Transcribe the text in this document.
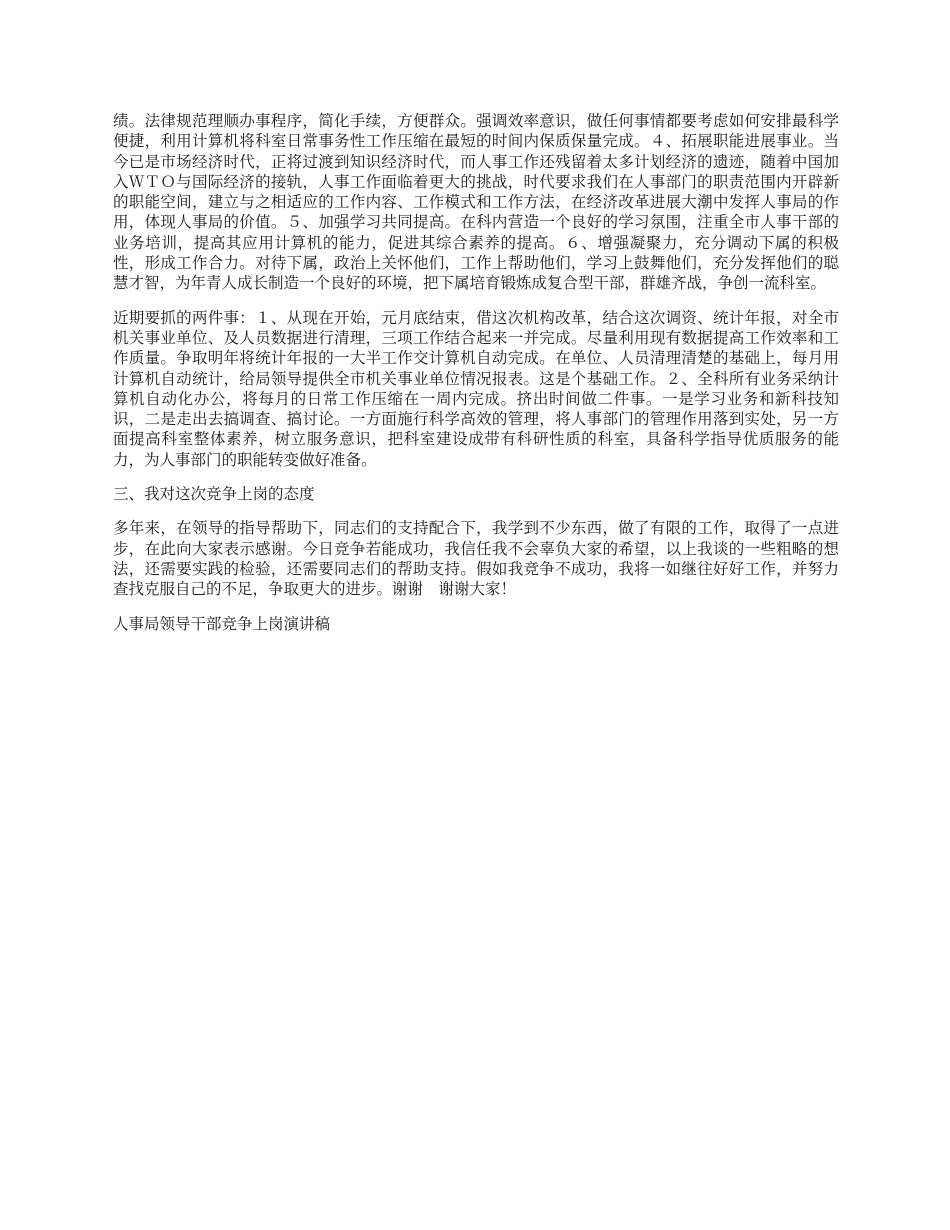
绩。法律规范理顺办事程序，简化手续，方便群众。强调效率意识，做任何事情都要考虑如何安排最科学便捷，利用计算机将科室日常事务性工作压缩在最短的时间内保质保量完成。４、拓展职能进展事业。当今已是市场经济时代，正将过渡到知识经济时代，而人事工作还残留着太多计划经济的遗迹，随着中国加入ＷＴＯ与国际经济的接轨，人事工作面临着更大的挑战，时代要求我们在人事部门的职责范围内开辟新的职能空间，建立与之相适应的工作内容、工作模式和工作方法，在经济改革进展大潮中发挥人事局的作用，体现人事局的价值。５、加强学习共同提高。在科内营造一个良好的学习氛围，注重全市人事干部的业务培训，提高其应用计算机的能力，促进其综合素养的提高。６、增强凝聚力，充分调动下属的积极性，形成工作合力。对待下属，政治上关怀他们，工作上帮助他们，学习上鼓舞他们，充分发挥他们的聪慧才智，为年青人成长制造一个良好的环境，把下属培育锻炼成复合型干部，群雄齐战，争创一流科室。

近期要抓的两件事：１、从现在开始，元月底结束，借这次机构改革，结合这次调资、统计年报，对全市机关事业单位、及人员数据进行清理，三项工作结合起来一并完成。尽量利用现有数据提高工作效率和工作质量。争取明年将统计年报的一大半工作交计算机自动完成。在单位、人员清理清楚的基础上，每月用计算机自动统计，给局领导提供全市机关事业单位情况报表。这是个基础工作。２、全科所有业务采纳计算机自动化办公，将每月的日常工作压缩在一周内完成。挤出时间做二件事。一是学习业务和新科技知识，二是走出去搞调查、搞讨论。一方面施行科学高效的管理，将人事部门的管理作用落到实处，另一方面提高科室整体素养，树立服务意识，把科室建设成带有科研性质的科室，具备科学指导优质服务的能力，为人事部门的职能转变做好准备。

三、我对这次竞争上岗的态度

多年来，在领导的指导帮助下，同志们的支持配合下，我学到不少东西，做了有限的工作，取得了一点进步，在此向大家表示感谢。今日竞争若能成功，我信任我不会辜负大家的希望，以上我谈的一些粗略的想法，还需要实践的检验，还需要同志们的帮助支持。假如我竞争不成功，我将一如继往好好工作，并努力查找克服自己的不足，争取更大的进步。谢谢　谢谢大家！

人事局领导干部竞争上岗演讲稿
